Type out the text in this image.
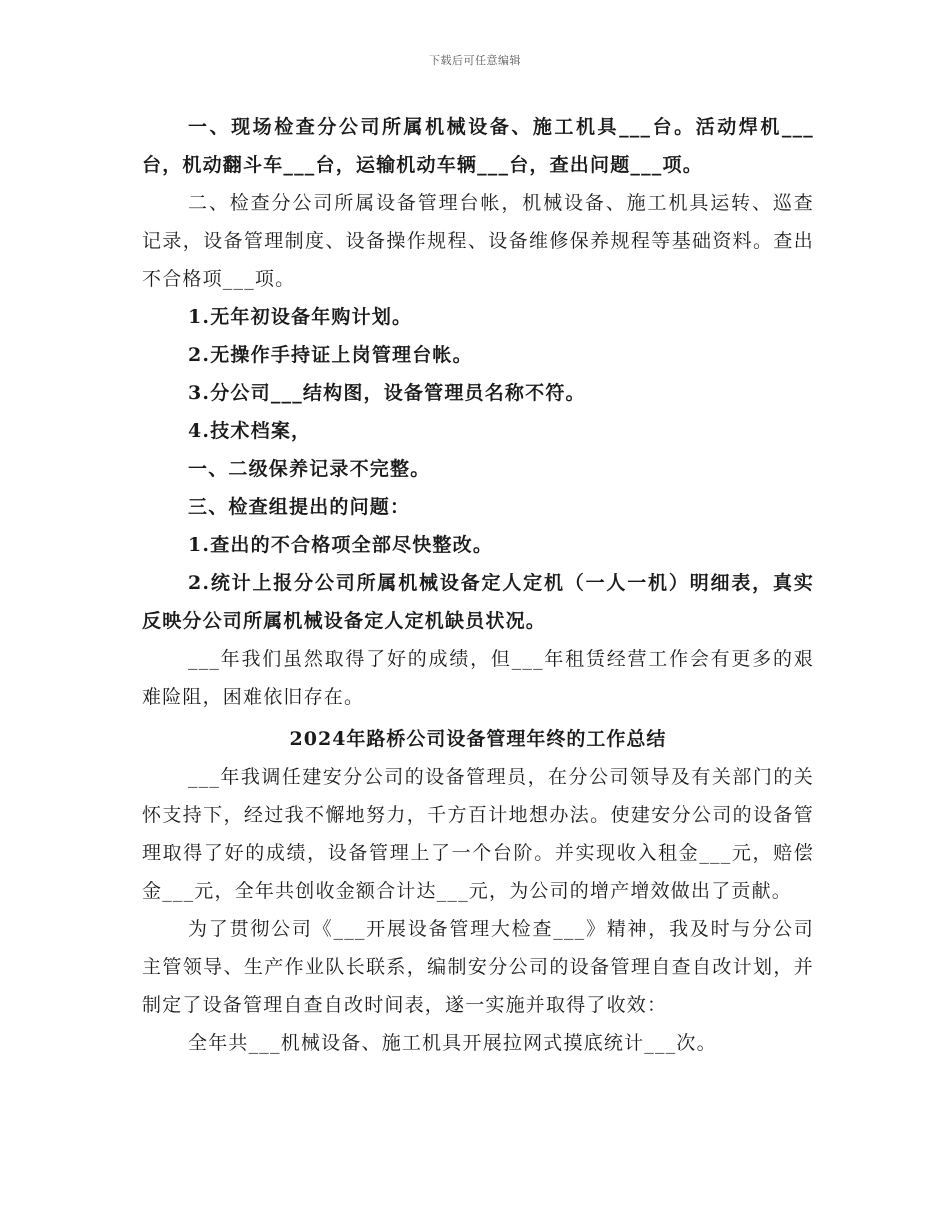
下载后可任意编辑

一、现场检查分公司所属机械设备、施工机具___台。活动焊机___台，机动翻斗车___台，运输机动车辆___台，查出问题___项。

二、检查分公司所属设备管理台帐，机械设备、施工机具运转、巡查记录，设备管理制度、设备操作规程、设备维修保养规程等基础资料。查出不合格项___项。

1.无年初设备年购计划。

2.无操作手持证上岗管理台帐。

3.分公司___结构图，设备管理员名称不符。

4.技术档案，

一、二级保养记录不完整。

三、检查组提出的问题：

1.查出的不合格项全部尽快整改。

2.统计上报分公司所属机械设备定人定机（一人一机）明细表，真实反映分公司所属机械设备定人定机缺员状况。

___年我们虽然取得了好的成绩，但___年租赁经营工作会有更多的艰难险阻，困难依旧存在。

2024年路桥公司设备管理年终的工作总结

___年我调任建安分公司的设备管理员，在分公司领导及有关部门的关怀支持下，经过我不懈地努力，千方百计地想办法。使建安分公司的设备管理取得了好的成绩，设备管理上了一个台阶。并实现收入租金___元，赔偿金___元，全年共创收金额合计达___元，为公司的增产增效做出了贡献。

为了贯彻公司《___开展设备管理大检查___》精神，我及时与分公司主管领导、生产作业队长联系，编制安分公司的设备管理自查自改计划，并制定了设备管理自查自改时间表，遂一实施并取得了收效：

全年共___机械设备、施工机具开展拉网式摸底统计___次。
